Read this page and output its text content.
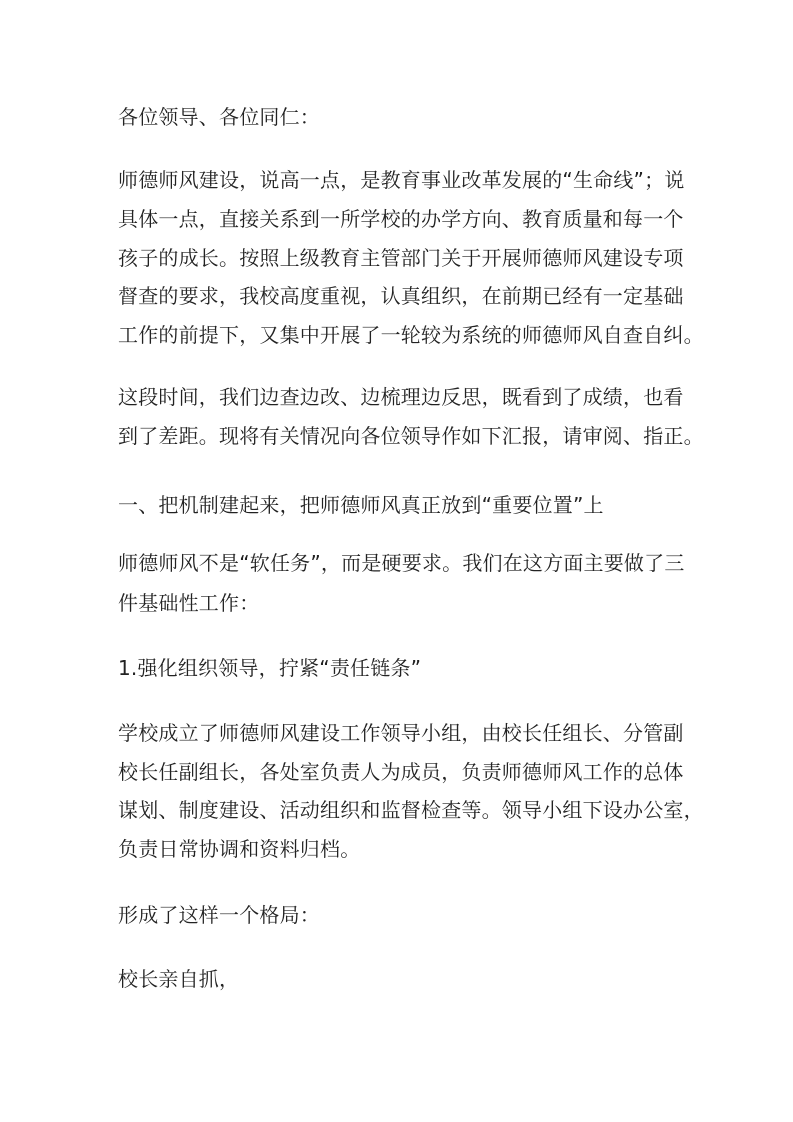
各位领导、各位同仁：
师德师风建设，说高一点，是教育事业改革发展的“生命线”；说
具体一点，直接关系到一所学校的办学方向、教育质量和每一个
孩子的成长。按照上级教育主管部门关于开展师德师风建设专项
督查的要求，我校高度重视，认真组织，在前期已经有一定基础
工作的前提下，又集中开展了一轮较为系统的师德师风自查自纠。
这段时间，我们边查边改、边梳理边反思，既看到了成绩，也看
到了差距。现将有关情况向各位领导作如下汇报，请审阅、指正。
一、把机制建起来，把师德师风真正放到“重要位置”上
师德师风不是“软任务”，而是硬要求。我们在这方面主要做了三
件基础性工作：
1.强化组织领导，拧紧“责任链条”
学校成立了师德师风建设工作领导小组，由校长任组长、分管副
校长任副组长，各处室负责人为成员，负责师德师风工作的总体
谋划、制度建设、活动组织和监督检查等。领导小组下设办公室，
负责日常协调和资料归档。
形成了这样一个格局：
校长亲自抓，
